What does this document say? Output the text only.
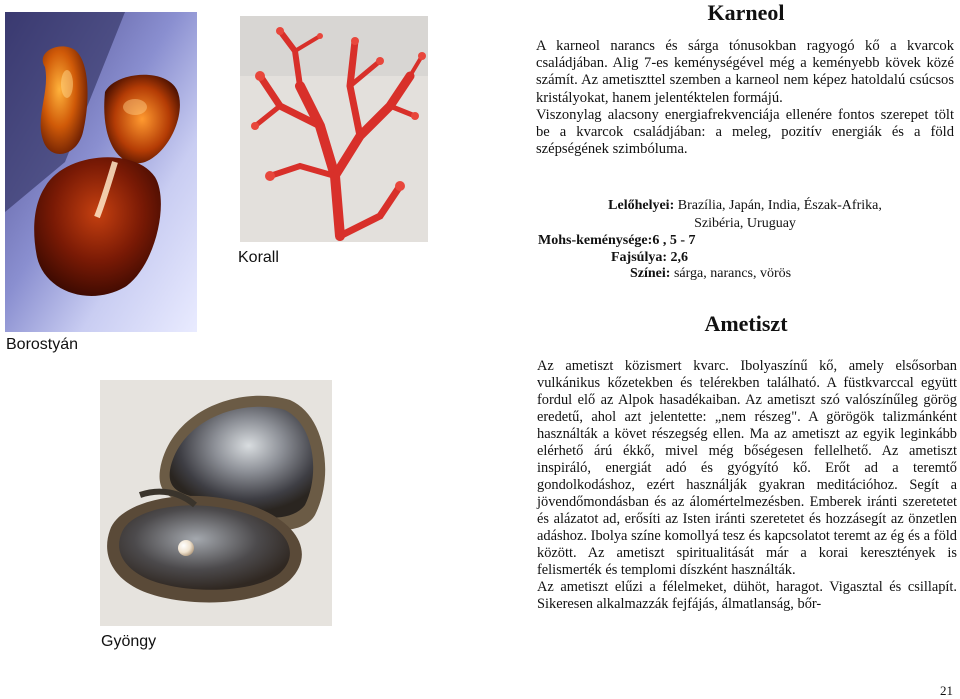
Korall
Borostyán
Gyöngy
Karneol

A karneol narancs és sárga tónusokban ragyogó kő a kvarcok családjában. Alig 7-es keménységével még a keményebb kövek közé számít. Az ametiszttel szemben a karneol nem képez hatoldalú csúcsos kristályokat, hanem jelentéktelen formájú.

Viszonylag alacsony energiafrekvenciája ellenére fontos szerepet tölt be a kvarcok családjában: a meleg, pozitív energiák és a föld szépségének szimbóluma.

Lelőhelyei: Brazília, Japán, India, Észak-Afrika,
Szibéria, Uruguay
Mohs-keménysége:6 , 5 - 7
Fajsúlya: 2,6
Színei: sárga, narancs, vörös
Ametiszt

Az ametiszt közismert kvarc. Ibolyaszínű kő, amely elsősorban vulkánikus kőzetekben és telérekben található. A füstkvarccal együtt fordul elő az Alpok hasadékaiban. Az ametiszt szó valószínűleg görög eredetű, ahol azt jelentette: „nem részeg". A görögök talizmánként használták a követ részegség ellen. Ma az ametiszt az egyik leginkább elérhető árú ékkő, mivel még bőségesen fellelhető. Az ametiszt inspiráló, energiát adó és gyógyító kő. Erőt ad a teremtő gondolkodáshoz, ezért használják gyakran meditációhoz. Segít a jövendőmondásban és az álomértelmezésben. Emberek iránti szeretetet és alázatot ad, erősíti az Isten iránti szeretetet és hozzásegít az önzetlen adáshoz. Ibolya színe komollyá tesz és kapcsolatot teremt az ég és a föld között. Az ametiszt spiritualitását már a korai keresztények is felismerték és templomi díszként használták.

Az ametiszt elűzi a félelmeket, dühöt, haragot. Vigasztal és csillapít. Sikeresen alkalmazzák fejfájás, álmatlanság, bőr-

21
